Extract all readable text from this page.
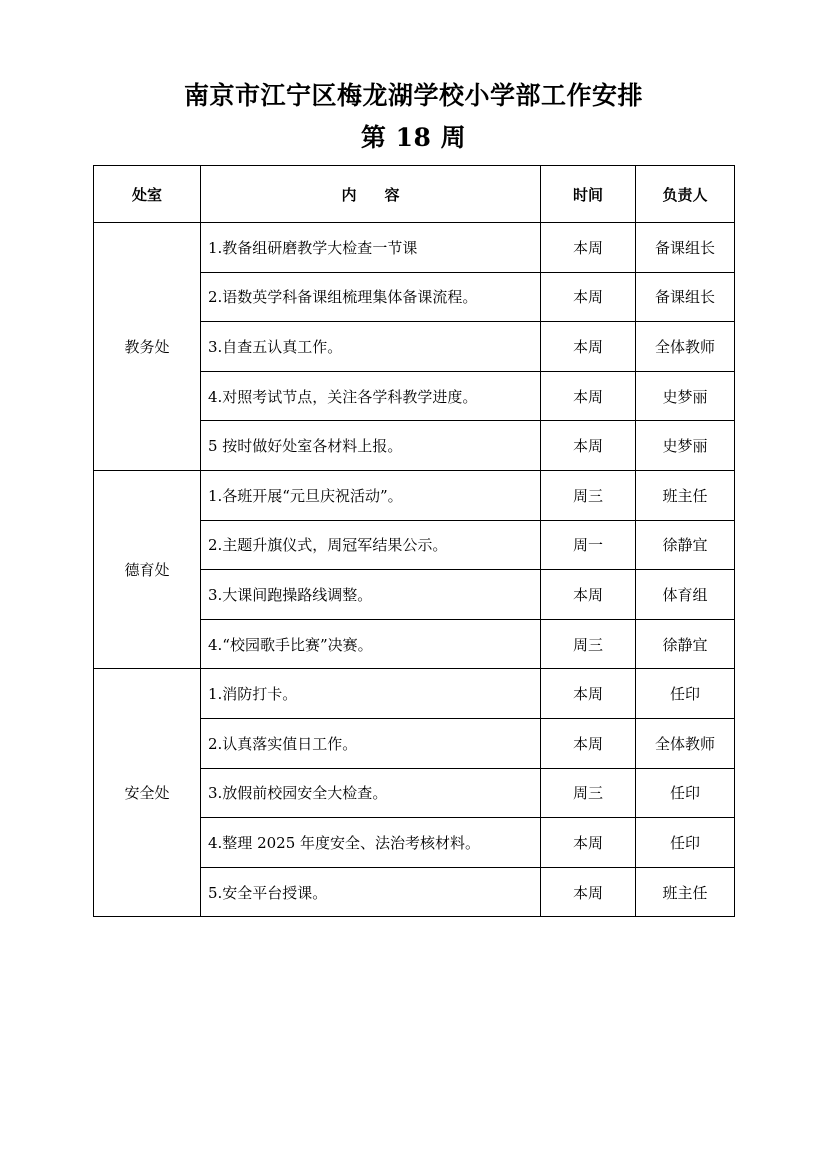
南京市江宁区梅龙湖学校小学部工作安排
第 18 周
处室	内容	时间	负责人
教务处	1.教备组研磨教学大检查一节课	本周	备课组长
	2.语数英学科备课组梳理集体备课流程。	本周	备课组长
	3.自查五认真工作。	本周	全体教师
	4.对照考试节点，关注各学科教学进度。	本周	史梦丽
	5 按时做好处室各材料上报。	本周	史梦丽
德育处	1.各班开展“元旦庆祝活动”。	周三	班主任
	2.主题升旗仪式，周冠军结果公示。	周一	徐静宜
	3.大课间跑操路线调整。	本周	体育组
	4.“校园歌手比赛”决赛。	周三	徐静宜
安全处	1.消防打卡。	本周	任印
	2.认真落实值日工作。	本周	全体教师
	3.放假前校园安全大检查。	周三	任印
	4.整理 2025 年度安全、法治考核材料。	本周	任印
	5.安全平台授课。	本周	班主任
